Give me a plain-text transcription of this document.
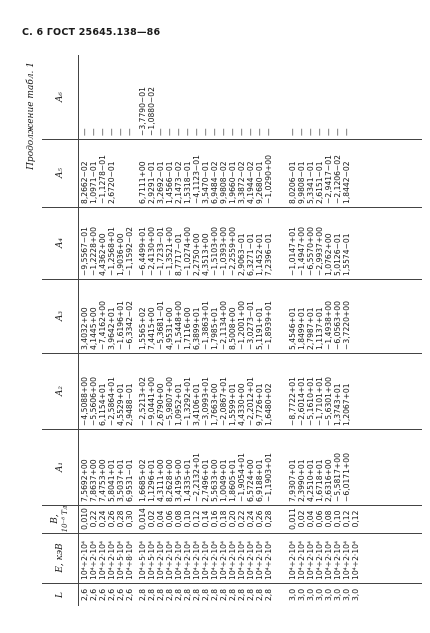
С. 6 ГОСТ 25645.138—86
Продолжение табл. 1
L 2,6 2,6 2,6 2,6 2,6 2,6 2,8 2,8 2,8 2,8 2,8 2,8 2,8 2,8 2,8 2,8 2,8 2,8 2,8 2,8 2,8 3,0 3,0 3,0 3,0 3,0 3,0 3,0 3,0
E, кэВ 10⁴÷2·10⁴ 10⁴÷2·10⁴ 10⁴÷2·10⁴ 10⁴÷2·10⁴ 10⁴÷5·10⁴ 10⁴÷8·10⁴ 10⁴÷5·10⁴ 10⁴÷5·10⁴ 10⁴÷2·10⁴ 10⁴÷2·10⁴ 10⁴÷2·10⁴ 10⁴÷2·10⁴ 10⁴÷2·10⁴ 10⁴÷2·10⁴ 10⁴÷2·10⁴ 10⁴÷2·10⁴ 10⁴÷2·10⁴ 10⁴÷2·10⁴ 10⁴÷2·10⁴ 10⁴÷2·10⁴ 10⁴÷2·10⁴ 10⁴÷2·10⁴ 10⁴÷2·10⁴ 10⁴÷2·10⁴ 10⁴÷2·10⁴ 10⁴÷2·10⁴ 10⁴÷2·10⁴ 10⁴÷2·10⁴ 10⁴÷2·10⁴
B, 10⁻⁸ Тл 0,010 0,22 0,24 0,26 0,28 0,30 0,014 0,02 0,04 0,06 0,08 0,10 0,12 0,14 0,16 0,18 0,20 0,22 0,24 0,26 0,28 0,011 0,02 0,04 0,06 0,08 0,10 0,12 0,12
A₁ 7,5692+00 7,8637+00 7,4753+00 5,8041+01 3,5037+01 6,9531−01 1,6685+02 1,1296+01 4,3111+00 8,2628+00 3,4195+00 1,4335+01 −2,2132+01 2,7496+01 5,5633+00 1,0049+01 1,8605+01 −1,9054+01 6,5724+00 6,9188+01 −1,1903+01 7,9307+01 2,3990+01 4,2510+01 1,6718+01 2,6316+00 −5,5817+00 −6,0171+00
A₂ −4,5088+00 −5,5606+00 6,1154+01 −2,5864+01 4,5529+01 2,9488−01 −2,5213+02 −9,0441+00 2,6790+00 −5,9807+00 1,0952+01 −1,3292+01 3,4106+01 −3,0993+01 1,7663+00 −2,0867+01 1,5599+01 4,4330+00 −2,2012+01 9,7726+01 1,6480+02 −8,7722+01 −2,6014+01 −5,1610+01 −1,7101+01 −5,6301+00 1,3743+01 1,2067+01
A₃ 3,4032+00 4,1445+00 −7,4162+00 3,9642+01 −1,6196+01 −6,3342−02 1,5565+02 7,4415+00 −5,3681−01 4,9531+00 −1,5448+00 1,7116+00 6,3899+01 −1,3863+01 1,7985+01 −2,1134+00 8,5008+00 −1,2001+00 −3,0273−01 5,1191+01 −1,8939+01 5,4546+01 1,8499+01 2,7987+01 1,1137+01 −1,4938+00 −6,0563+00 −3,7220+00
A₄ −9,5567−01 −1,2228+00 4,4362+00 −1,2568+01 1,9036+00 −1,1592−02 −6,4499+01 −2,4130+00 −1,7233−01 −1,3521+00 8,7717−01 −1,0274+00 2,2750+00 4,3513+00 −1,5103+00 −1,0393+00 −2,2559+00 2,9063−01 6,3271−01 1,1452+01 7,2396−01 −1,0147+01 −1,4947+00 −6,5570+00 −2,9937+00 1,0762+00 5,0126−01 1,5574−01
A₅ 8,2662−02 1,0971−01 −1,1278−01 2,6720−01	6,7111+00 2,9291−01 3,2692−01 1,4566−01 2,1473−02 1,5318−01 −4,1123−01 3,5470−01 6,9484−02 9,9808−02 1,9660−01 3,3872−02 4,1944−02 9,2680−01 −1,0290+00 8,0206−01 9,9808−01 5,3341−01 2,6151−01 −2,9417−01 −2,1206−02 1,8442−02
A₆
— — — — — — −3,7790−01 −1,0880−02 — — — — — — — — — — — — — — — — — — — —
